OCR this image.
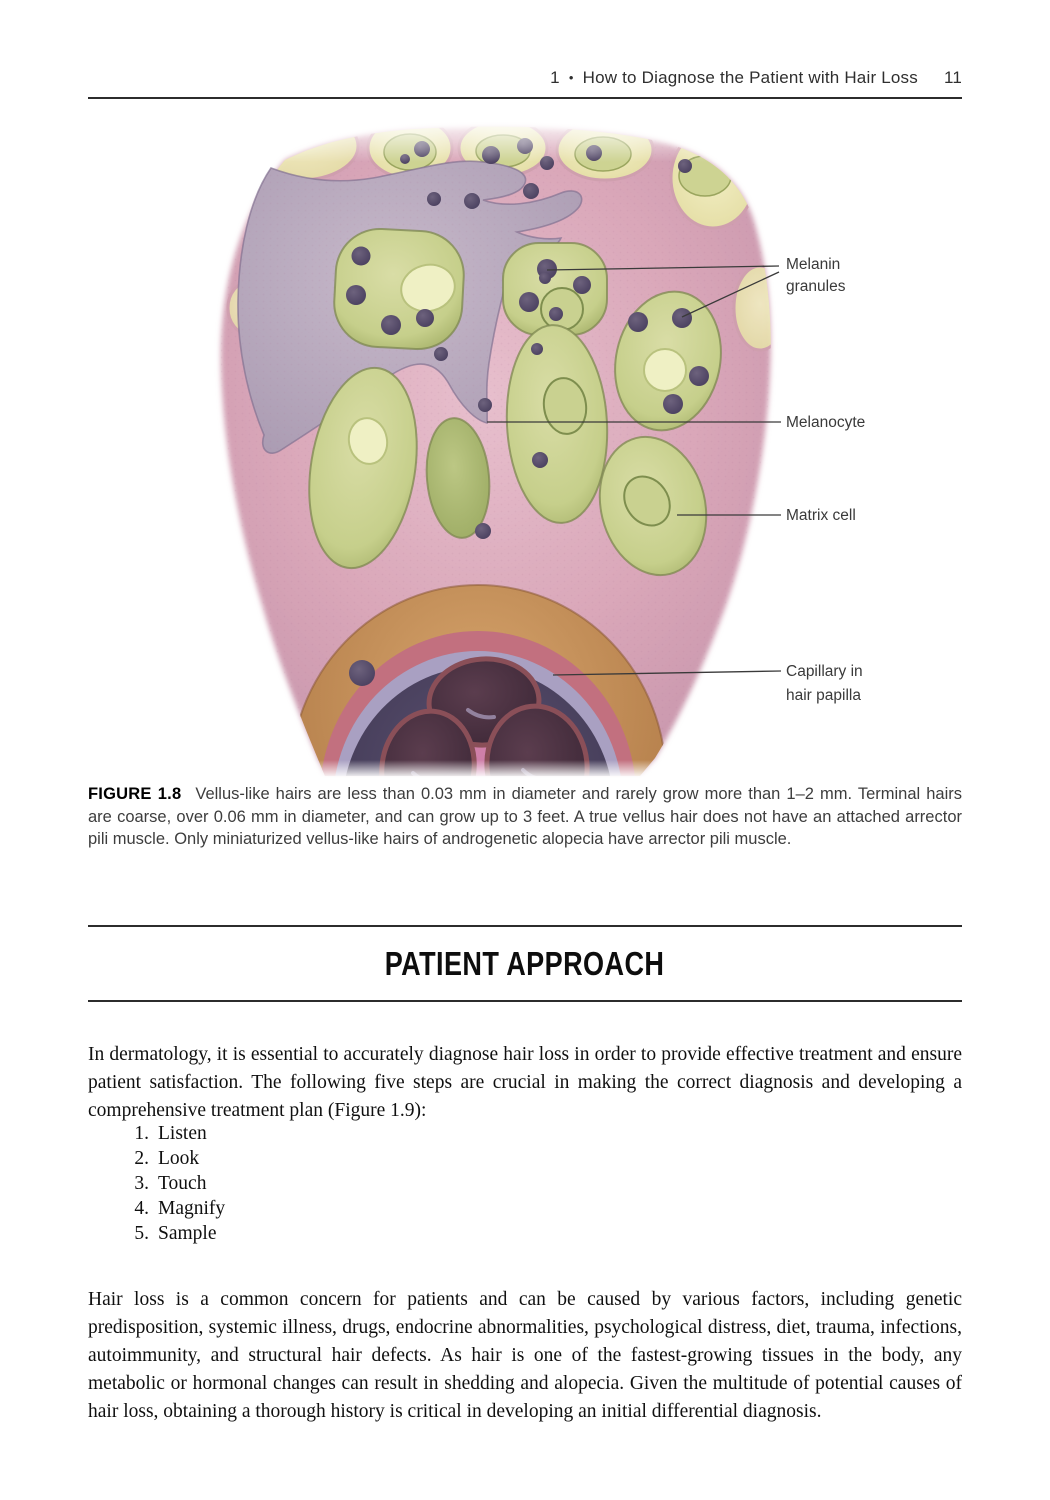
1 • How to Diagnose the Patient with Hair Loss 11
Melanin
granules
Melanocyte
Matrix cell
Capillary in
hair papilla
FIGURE 1.8 Vellus-like hairs are less than 0.03 mm in diameter and rarely grow more than 1–2 mm. Terminal hairs are coarse, over 0.06 mm in diameter, and can grow up to 3 feet. A true vellus hair does not have an attached arrector pili muscle. Only miniaturized vellus-like hairs of androgenetic alopecia have arrector pili muscle.
PATIENT APPROACH

In dermatology, it is essential to accurately diagnose hair loss in order to provide effective treatment and ensure patient satisfaction. The following five steps are crucial in making the correct diagnosis and developing a comprehensive treatment plan (Figure 1.9):

1. Listen
2. Look
3. Touch
4. Magnify
5. Sample

Hair loss is a common concern for patients and can be caused by various factors, including genetic predisposition, systemic illness, drugs, endocrine abnormalities, psychological distress, diet, trauma, infections, autoimmunity, and structural hair defects. As hair is one of the fastest-growing tissues in the body, any metabolic or hormonal changes can result in shedding and alopecia. Given the multitude of potential causes of hair loss, obtaining a thorough history is critical in developing an initial differential diagnosis.
